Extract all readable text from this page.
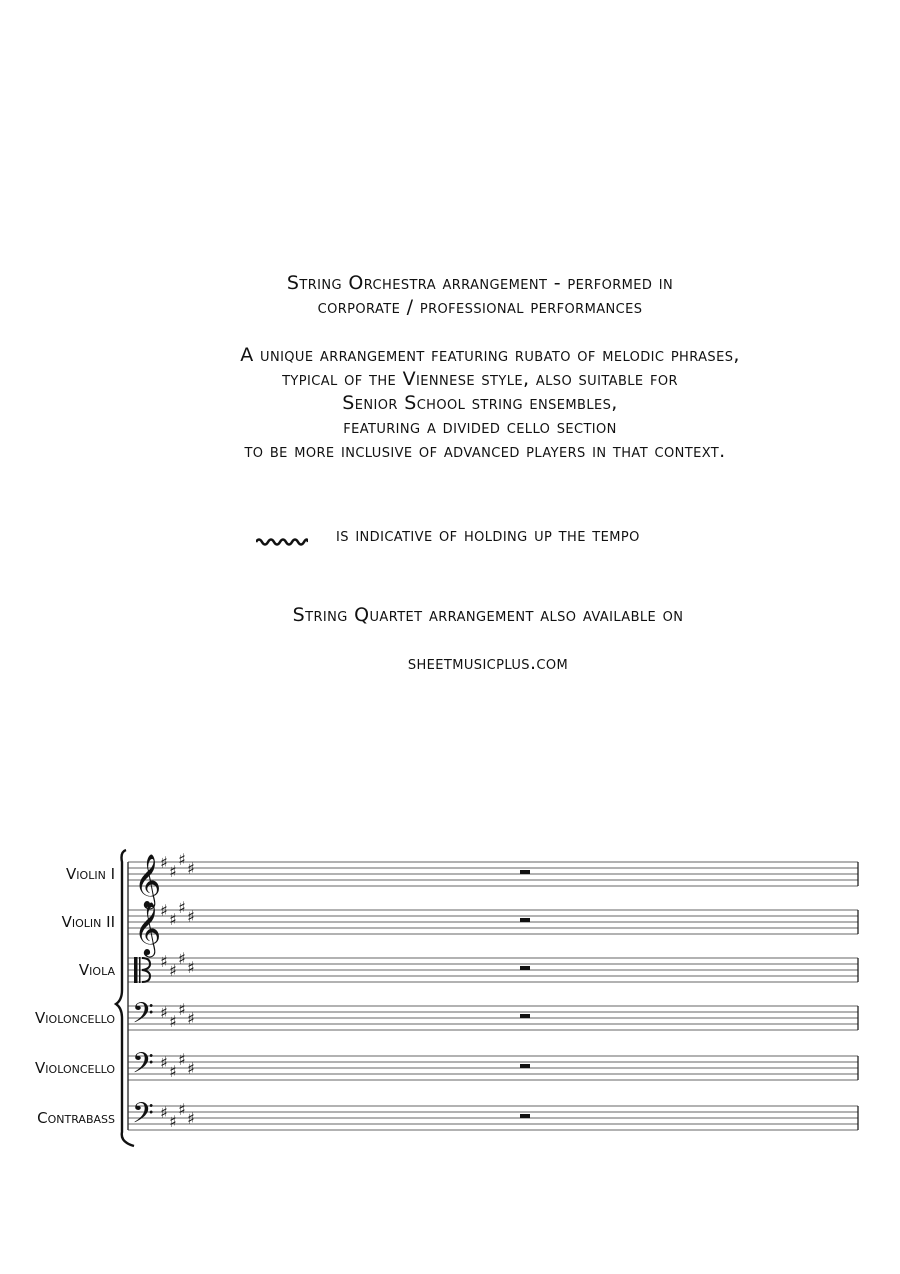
String Orchestra arrangement - performed in
corporate / professional performances
A unique arrangement featuring rubato of melodic phrases,
typical of the Viennese style, also suitable for
Senior School string ensembles,
featuring a divided cello section
to be more inclusive of advanced players in that context.
is indicative of holding up the tempo
String Quartet arrangement also available on
sheetmusicplus.com
Violin I
Violin II
Viola
Violoncello
Violoncello
Contrabass
𝄞
♯ ♯
♯ ♯
𝄞
♯ ♯
♯ ♯
♯ ♯
♯ ♯
𝄢 ♯ ♯
♯ ♯
𝄢 ♯ ♯
♯ ♯
𝄢 ♯ ♯
♯ ♯
